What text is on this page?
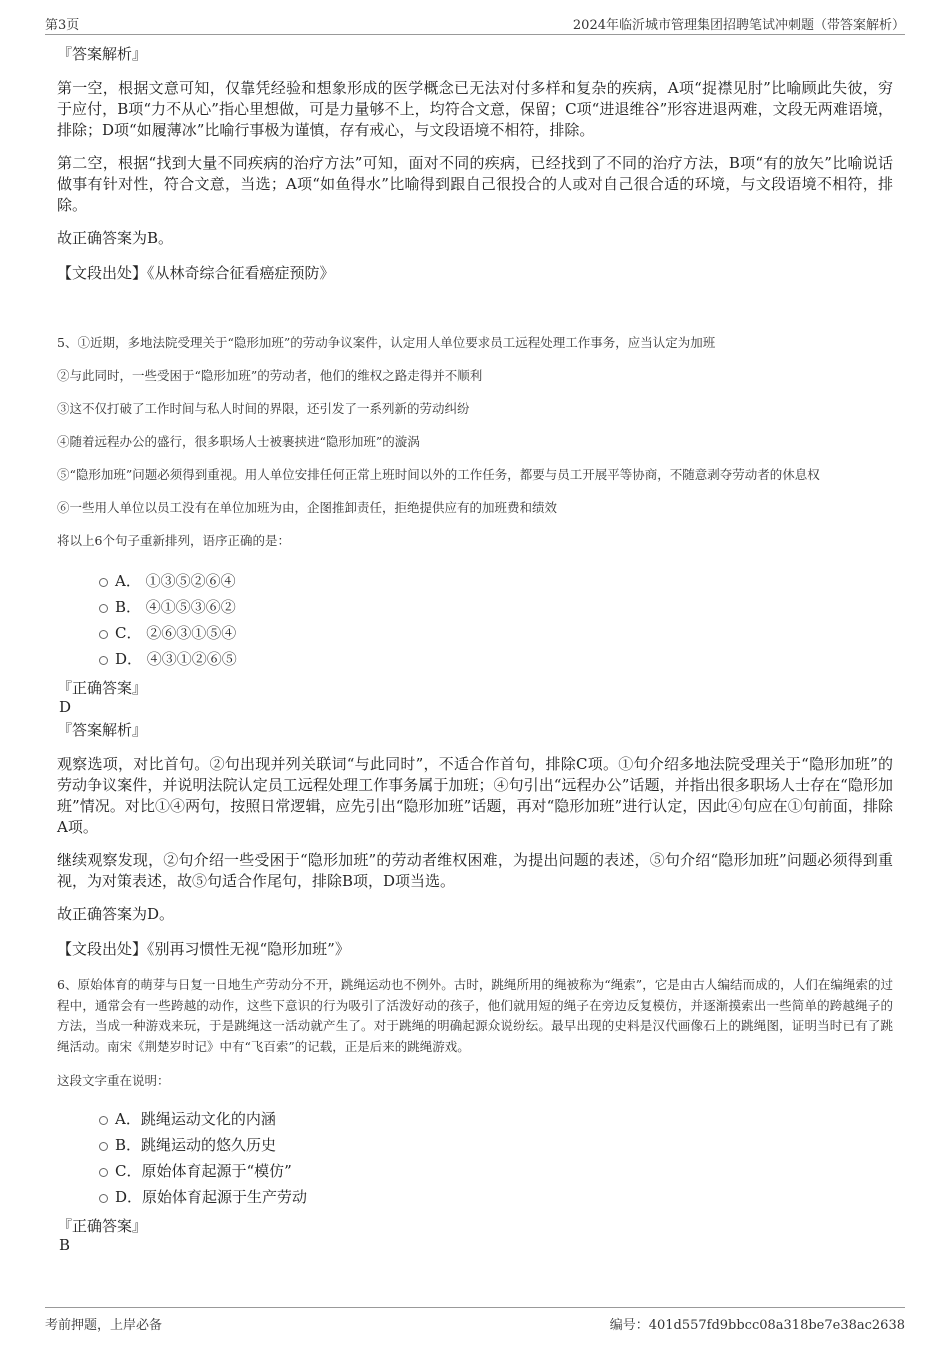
第3页	2024年临沂城市管理集团招聘笔试冲刺题（带答案解析）

『答案解析』

第一空，根据文意可知，仅靠凭经验和想象形成的医学概念已无法对付多样和复杂的疾病，A项“捉襟见肘”比喻顾此失彼，穷于应付，B项“力不从心”指心里想做，可是力量够不上，均符合文意，保留；C项“进退维谷”形容进退两难，文段无两难语境，排除；D项“如履薄冰”比喻行事极为谨慎，存有戒心，与文段语境不相符，排除。

第二空，根据“找到大量不同疾病的治疗方法”可知，面对不同的疾病，已经找到了不同的治疗方法，B项“有的放矢”比喻说话做事有针对性，符合文意，当选；A项“如鱼得水”比喻得到跟自己很投合的人或对自己很合适的环境，与文段语境不相符，排除。

故正确答案为B。

【文段出处】《从林奇综合征看癌症预防》

5、①近期，多地法院受理关于“隐形加班”的劳动争议案件，认定用人单位要求员工远程处理工作事务，应当认定为加班

②与此同时，一些受困于“隐形加班”的劳动者，他们的维权之路走得并不顺利

③这不仅打破了工作时间与私人时间的界限，还引发了一系列新的劳动纠纷

④随着远程办公的盛行，很多职场人士被裹挟进“隐形加班”的漩涡

⑤“隐形加班”问题必须得到重视。用人单位安排任何正常上班时间以外的工作任务，都要与员工开展平等协商，不随意剥夺劳动者的休息权

⑥一些用人单位以员工没有在单位加班为由，企图推卸责任，拒绝提供应有的加班费和绩效

将以上6个句子重新排列，语序正确的是：

A． ①③⑤②⑥④
B． ④①⑤③⑥②
C． ②⑥③①⑤④
D． ④③①②⑥⑤

『正确答案』

D

『答案解析』

观察选项，对比首句。②句出现并列关联词“与此同时”，不适合作首句，排除C项。①句介绍多地法院受理关于“隐形加班”的劳动争议案件，并说明法院认定员工远程处理工作事务属于加班；④句引出“远程办公”话题，并指出很多职场人士存在“隐形加班”情况。对比①④两句，按照日常逻辑，应先引出“隐形加班”话题，再对“隐形加班”进行认定，因此④句应在①句前面，排除A项。

继续观察发现，②句介绍一些受困于“隐形加班”的劳动者维权困难，为提出问题的表述，⑤句介绍“隐形加班”问题必须得到重视，为对策表述，故⑤句适合作尾句，排除B项，D项当选。

故正确答案为D。

【文段出处】《别再习惯性无视“隐形加班”》

6、原始体育的萌芽与日复一日地生产劳动分不开，跳绳运动也不例外。古时，跳绳所用的绳被称为“绳索”，它是由古人编结而成的，人们在编绳索的过程中，通常会有一些跨越的动作，这些下意识的行为吸引了活泼好动的孩子，他们就用短的绳子在旁边反复模仿，并逐渐摸索出一些简单的跨越绳子的方法，当成一种游戏来玩，于是跳绳这一活动就产生了。对于跳绳的明确起源众说纷纭。最早出现的史料是汉代画像石上的跳绳图，证明当时已有了跳绳活动。南宋《荆楚岁时记》中有“飞百索”的记载，正是后来的跳绳游戏。

这段文字重在说明：

A．跳绳运动文化的内涵
B．跳绳运动的悠久历史
C．原始体育起源于“模仿”
D．原始体育起源于生产劳动

『正确答案』

B

考前押题，上岸必备	编号：401d557fd9bbcc08a318be7e38ac2638
